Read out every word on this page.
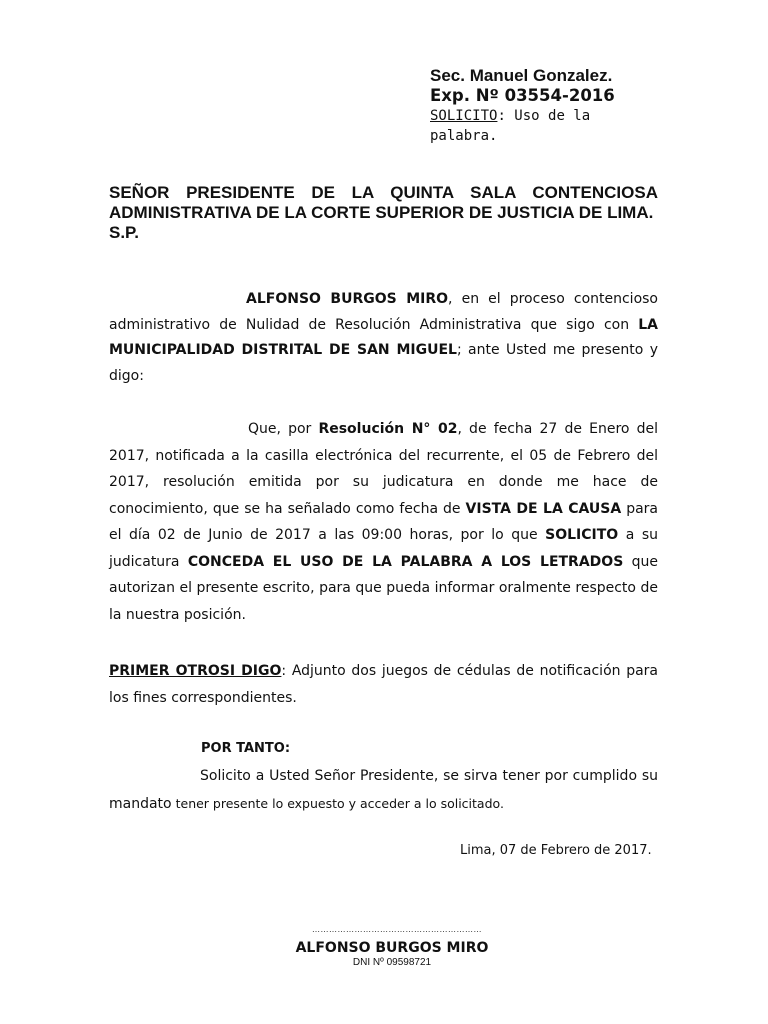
Sec. Manuel Gonzalez.
Exp. Nº 03554-2016
SOLICITO: Uso de la palabra.
SEÑOR PRESIDENTE DE LA QUINTA SALA CONTENCIOSA ADMINISTRATIVA DE LA CORTE SUPERIOR DE JUSTICIA DE LIMA.
S.P.
ALFONSO BURGOS MIRO, en el proceso contencioso administrativo de Nulidad de Resolución Administrativa que sigo con LA MUNICIPALIDAD DISTRITAL DE SAN MIGUEL; ante Usted me presento y digo:
Que, por Resolución N° 02, de fecha 27 de Enero del 2017, notificada a la casilla electrónica del recurrente, el 05 de Febrero del 2017, resolución emitida por su judicatura en donde me hace de conocimiento, que se ha señalado como fecha de VISTA DE LA CAUSA para el día 02 de Junio de 2017 a las 09:00 horas, por lo que SOLICITO a su judicatura CONCEDA EL USO DE LA PALABRA A LOS LETRADOS que autorizan el presente escrito, para que pueda informar oralmente respecto de la nuestra posición.
PRIMER OTROSI DIGO: Adjunto dos juegos de cédulas de notificación para los fines correspondientes.
POR TANTO:
Solicito a Usted Señor Presidente, se sirva tener por cumplido su mandato tener presente lo expuesto y acceder a lo solicitado.
Lima, 07 de Febrero de 2017.
……………………………………………………
ALFONSO BURGOS MIRO
DNI Nº 09598721
